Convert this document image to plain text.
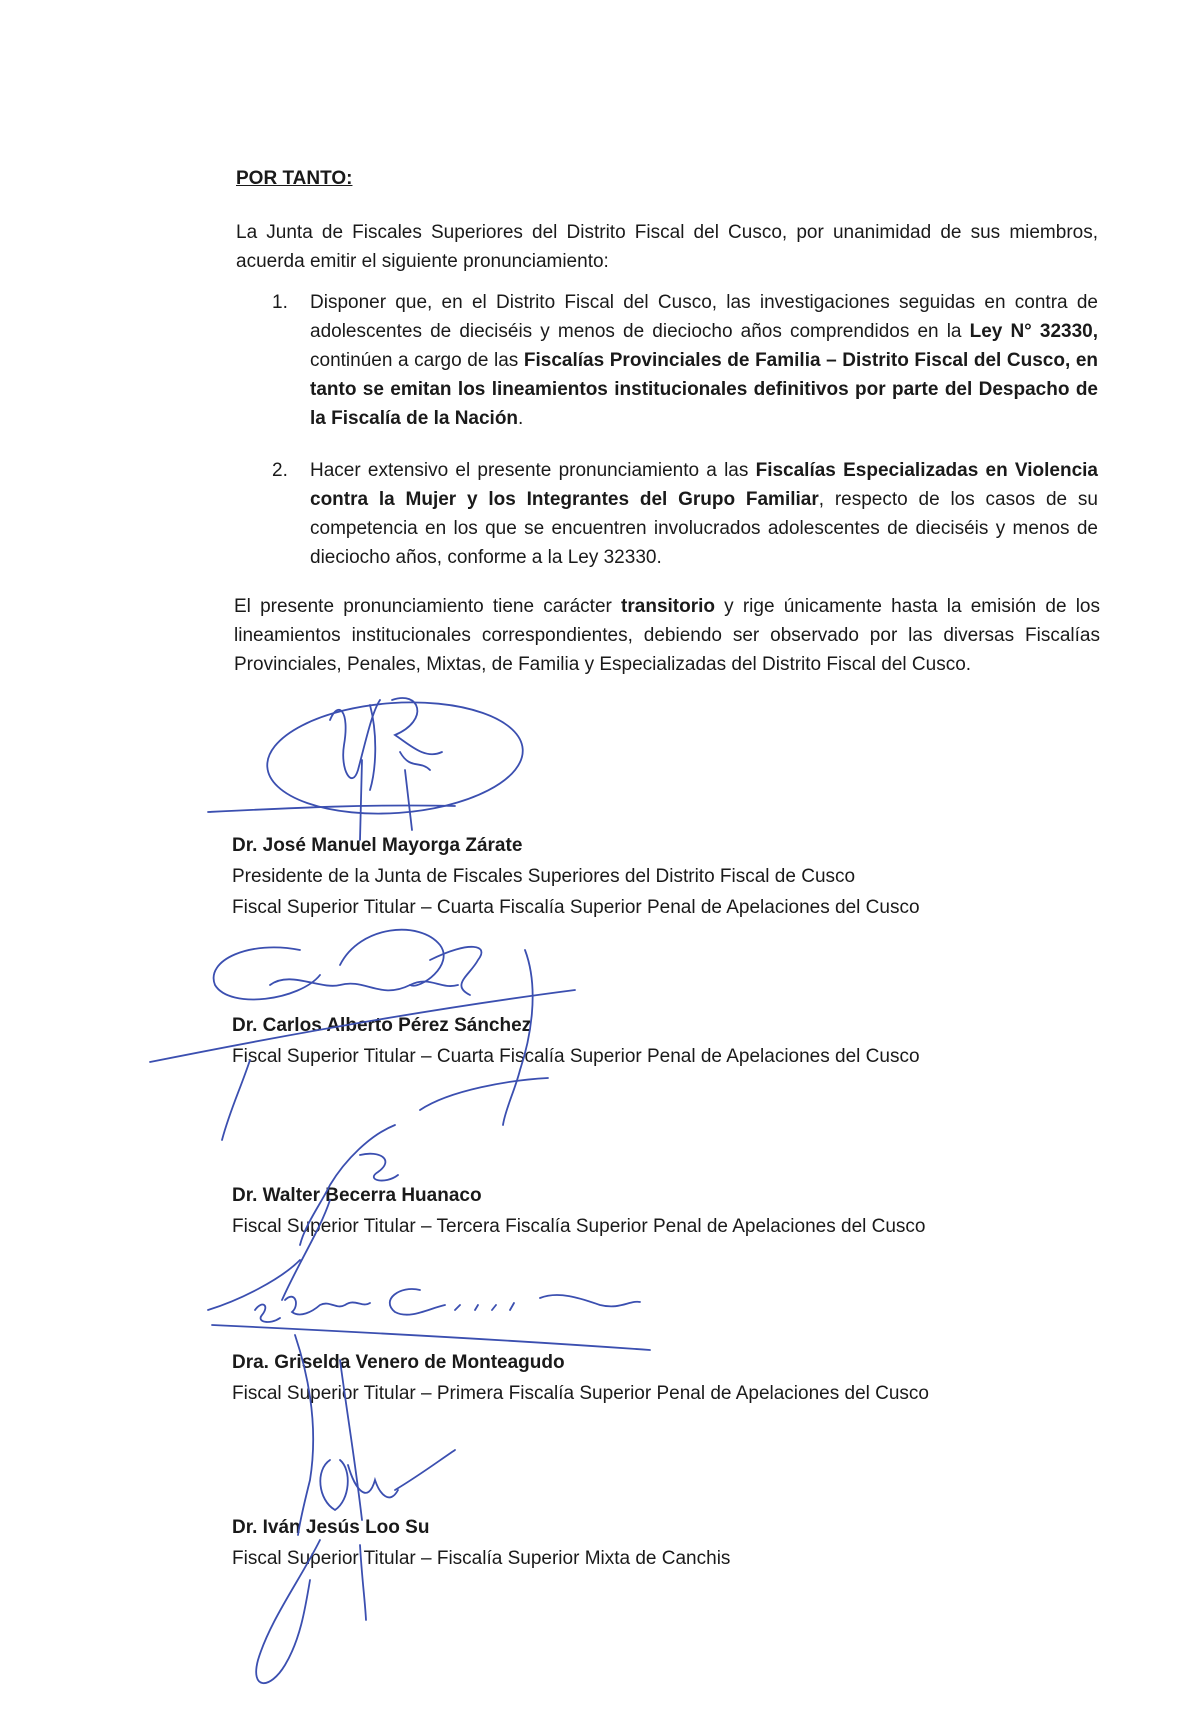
POR TANTO:
La Junta de Fiscales Superiores del Distrito Fiscal del Cusco, por unanimidad de sus miembros, acuerda emitir el siguiente pronunciamiento:
1. Disponer que, en el Distrito Fiscal del Cusco, las investigaciones seguidas en contra de adolescentes de dieciséis y menos de dieciocho años comprendidos en la Ley N° 32330, continúen a cargo de las Fiscalías Provinciales de Familia – Distrito Fiscal del Cusco, en tanto se emitan los lineamientos institucionales definitivos por parte del Despacho de la Fiscalía de la Nación.
2. Hacer extensivo el presente pronunciamiento a las Fiscalías Especializadas en Violencia contra la Mujer y los Integrantes del Grupo Familiar, respecto de los casos de su competencia en los que se encuentren involucrados adolescentes de dieciséis y menos de dieciocho años, conforme a la Ley 32330.
El presente pronunciamiento tiene carácter transitorio y rige únicamente hasta la emisión de los lineamientos institucionales correspondientes, debiendo ser observado por las diversas Fiscalías Provinciales, Penales, Mixtas, de Familia y Especializadas del Distrito Fiscal del Cusco.
Dr. José Manuel Mayorga Zárate
Presidente de la Junta de Fiscales Superiores del Distrito Fiscal de Cusco
Fiscal Superior Titular – Cuarta Fiscalía Superior Penal de Apelaciones del Cusco
Dr. Carlos Alberto Pérez Sánchez
Fiscal Superior Titular – Cuarta Fiscalía Superior Penal de Apelaciones del Cusco
Dr. Walter Becerra Huanaco
Fiscal Superior Titular – Tercera Fiscalía Superior Penal de Apelaciones del Cusco
Dra. Griselda Venero de Monteagudo
Fiscal Superior Titular – Primera Fiscalía Superior Penal de Apelaciones del Cusco
Dr. Iván Jesús Loo Su
Fiscal Superior Titular – Fiscalía Superior Mixta de Canchis
